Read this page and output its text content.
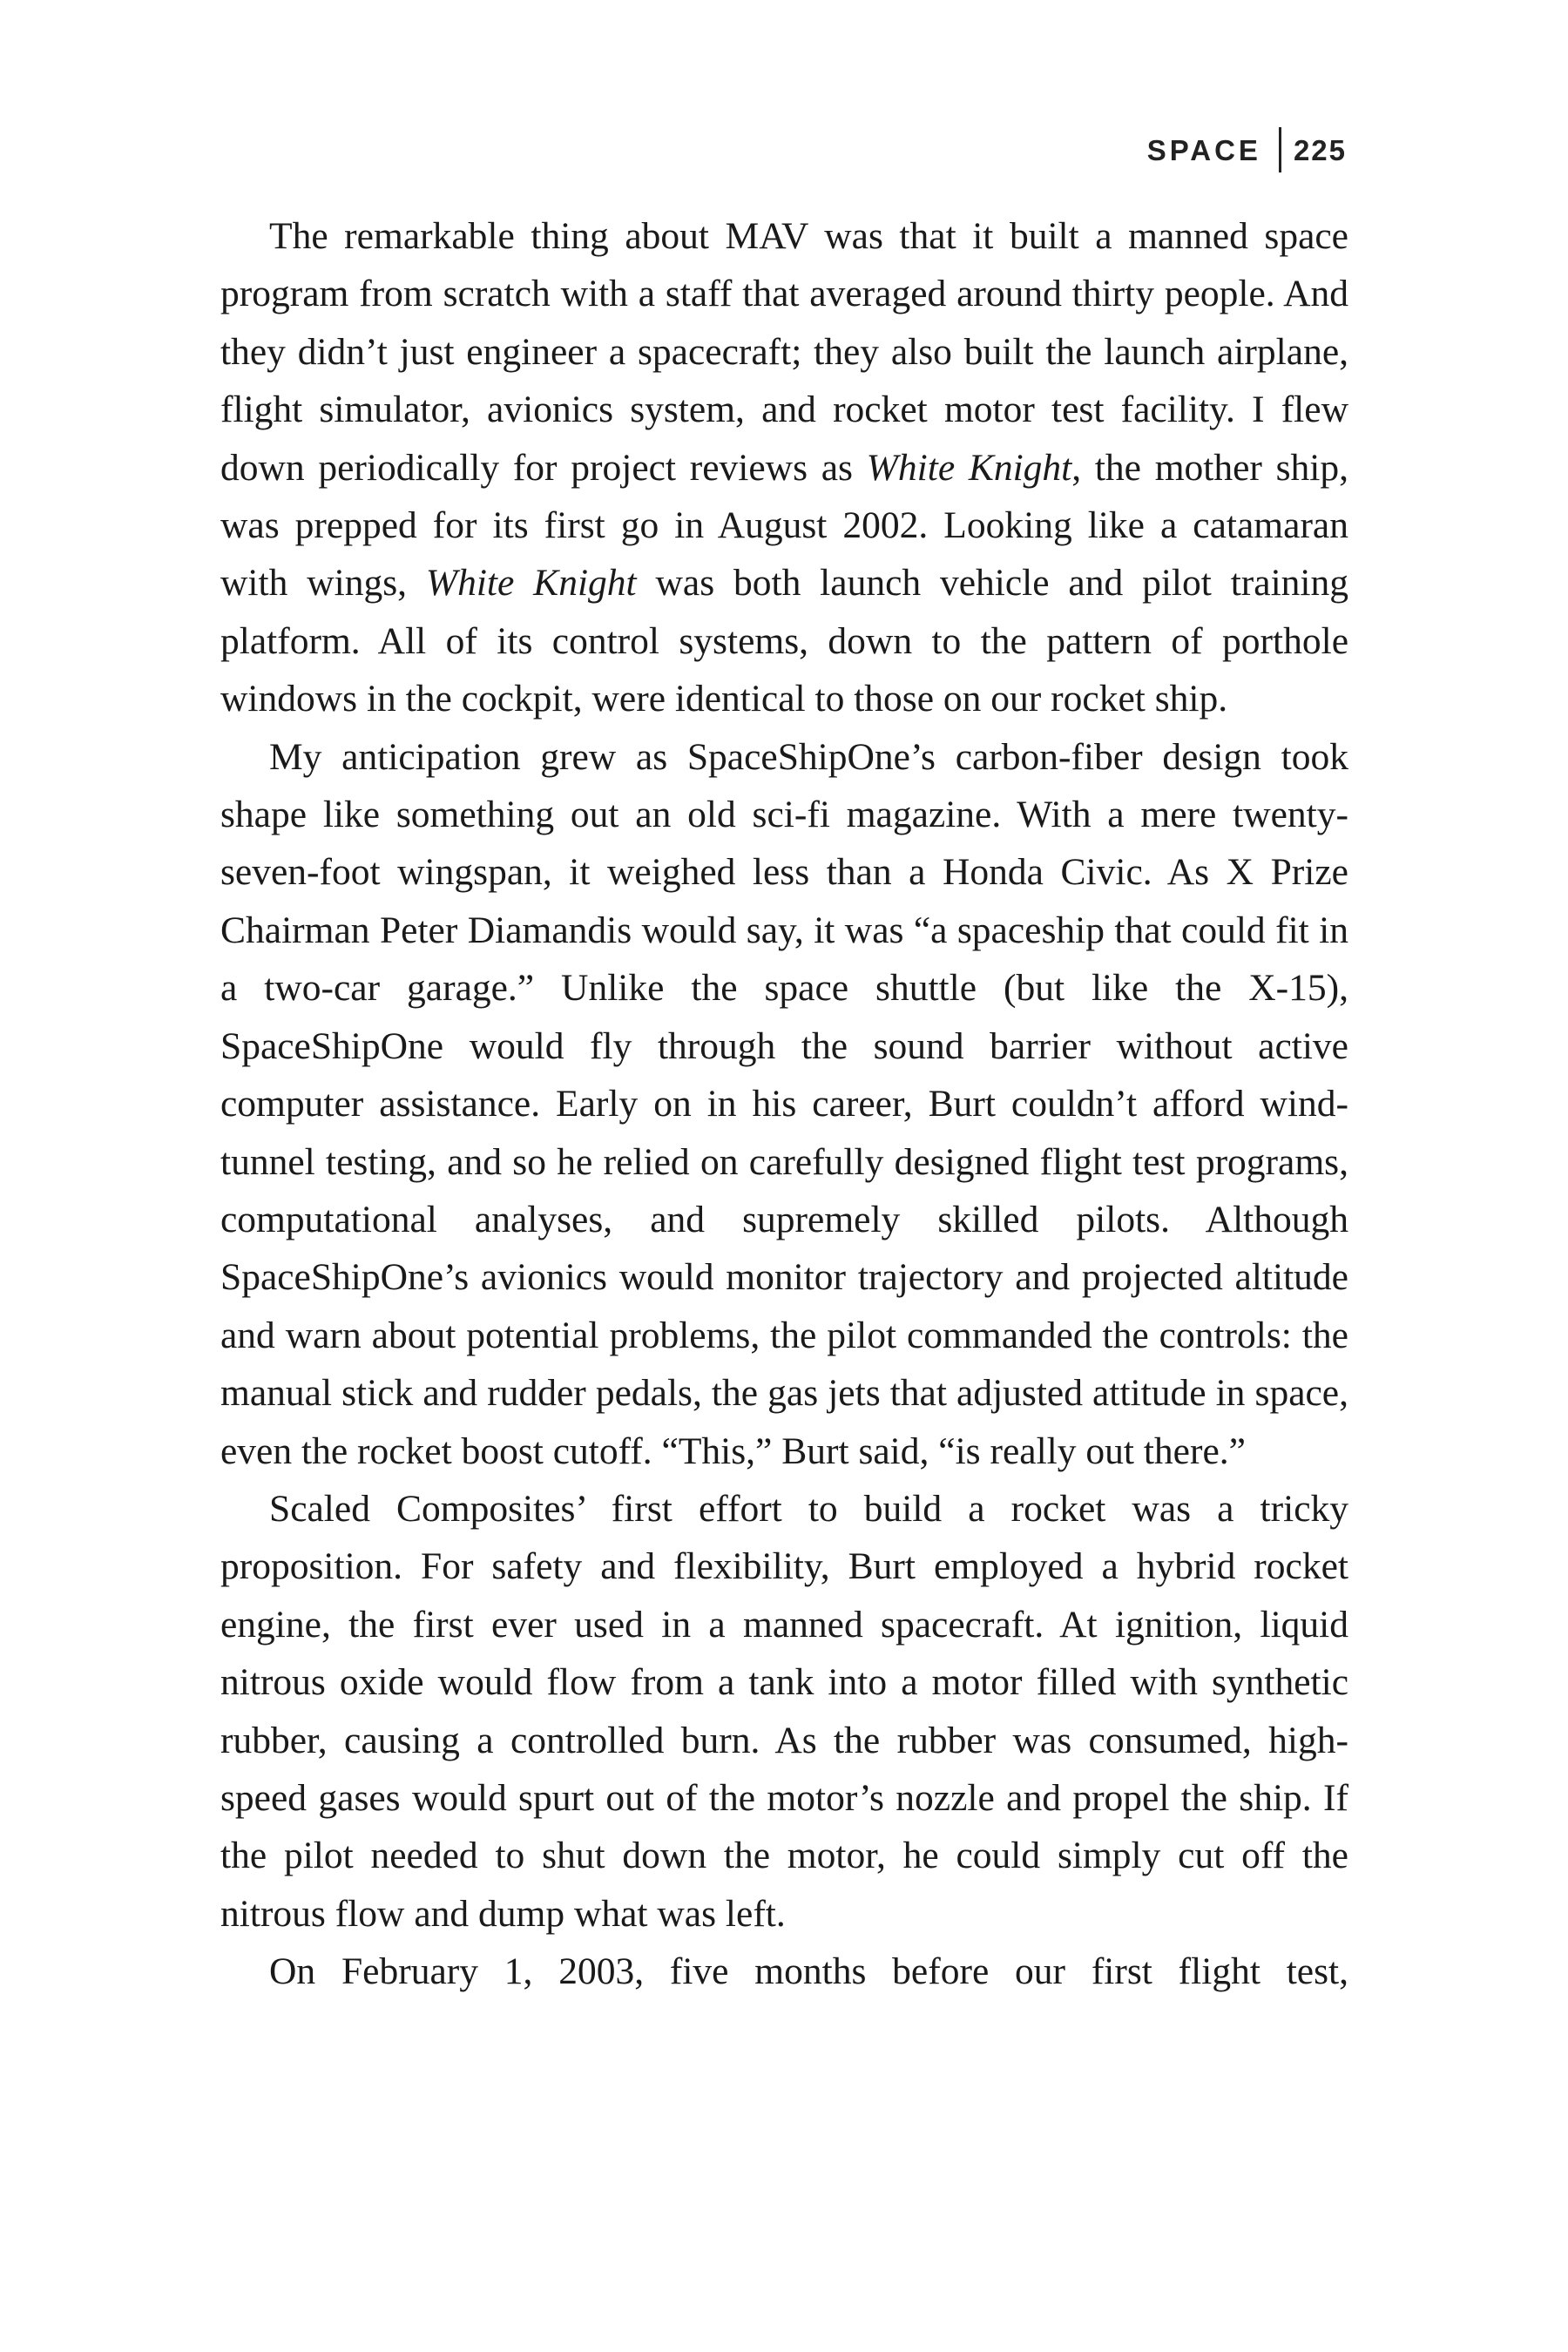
SPACE	225

The remarkable thing about MAV was that it built a manned space program from scratch with a staff that averaged around thirty people. And they didn’t just engineer a spacecraft; they also built the launch airplane, flight simulator, avionics system, and rocket motor test facility. I flew down periodically for project reviews as White Knight, the mother ship, was prepped for its first go in August 2002. Looking like a catamaran with wings, White Knight was both launch vehicle and pilot training platform. All of its control systems, down to the pattern of porthole windows in the cockpit, were identical to those on our rocket ship.

My anticipation grew as SpaceShipOne’s carbon-fiber design took shape like something out an old sci-fi magazine. With a mere twenty-seven-foot wingspan, it weighed less than a Honda Civic. As X Prize Chairman Peter Diamandis would say, it was “a spaceship that could fit in a two-car garage.” Unlike the space shuttle (but like the X-15), SpaceShipOne would fly through the sound barrier without active computer assistance. Early on in his career, Burt couldn’t afford wind-tunnel testing, and so he relied on carefully designed flight test programs, computational analyses, and supremely skilled pilots. Although SpaceShipOne’s avionics would monitor trajectory and projected altitude and warn about potential problems, the pilot commanded the controls: the manual stick and rudder pedals, the gas jets that adjusted attitude in space, even the rocket boost cutoff. “This,” Burt said, “is really out there.”

Scaled Composites’ first effort to build a rocket was a tricky proposition. For safety and flexibility, Burt employed a hybrid rocket engine, the first ever used in a manned spacecraft. At ignition, liquid nitrous oxide would flow from a tank into a motor filled with synthetic rubber, causing a controlled burn. As the rubber was consumed, high-speed gases would spurt out of the motor’s nozzle and propel the ship. If the pilot needed to shut down the motor, he could simply cut off the nitrous flow and dump what was left.

On February 1, 2003, five months before our first flight test,
